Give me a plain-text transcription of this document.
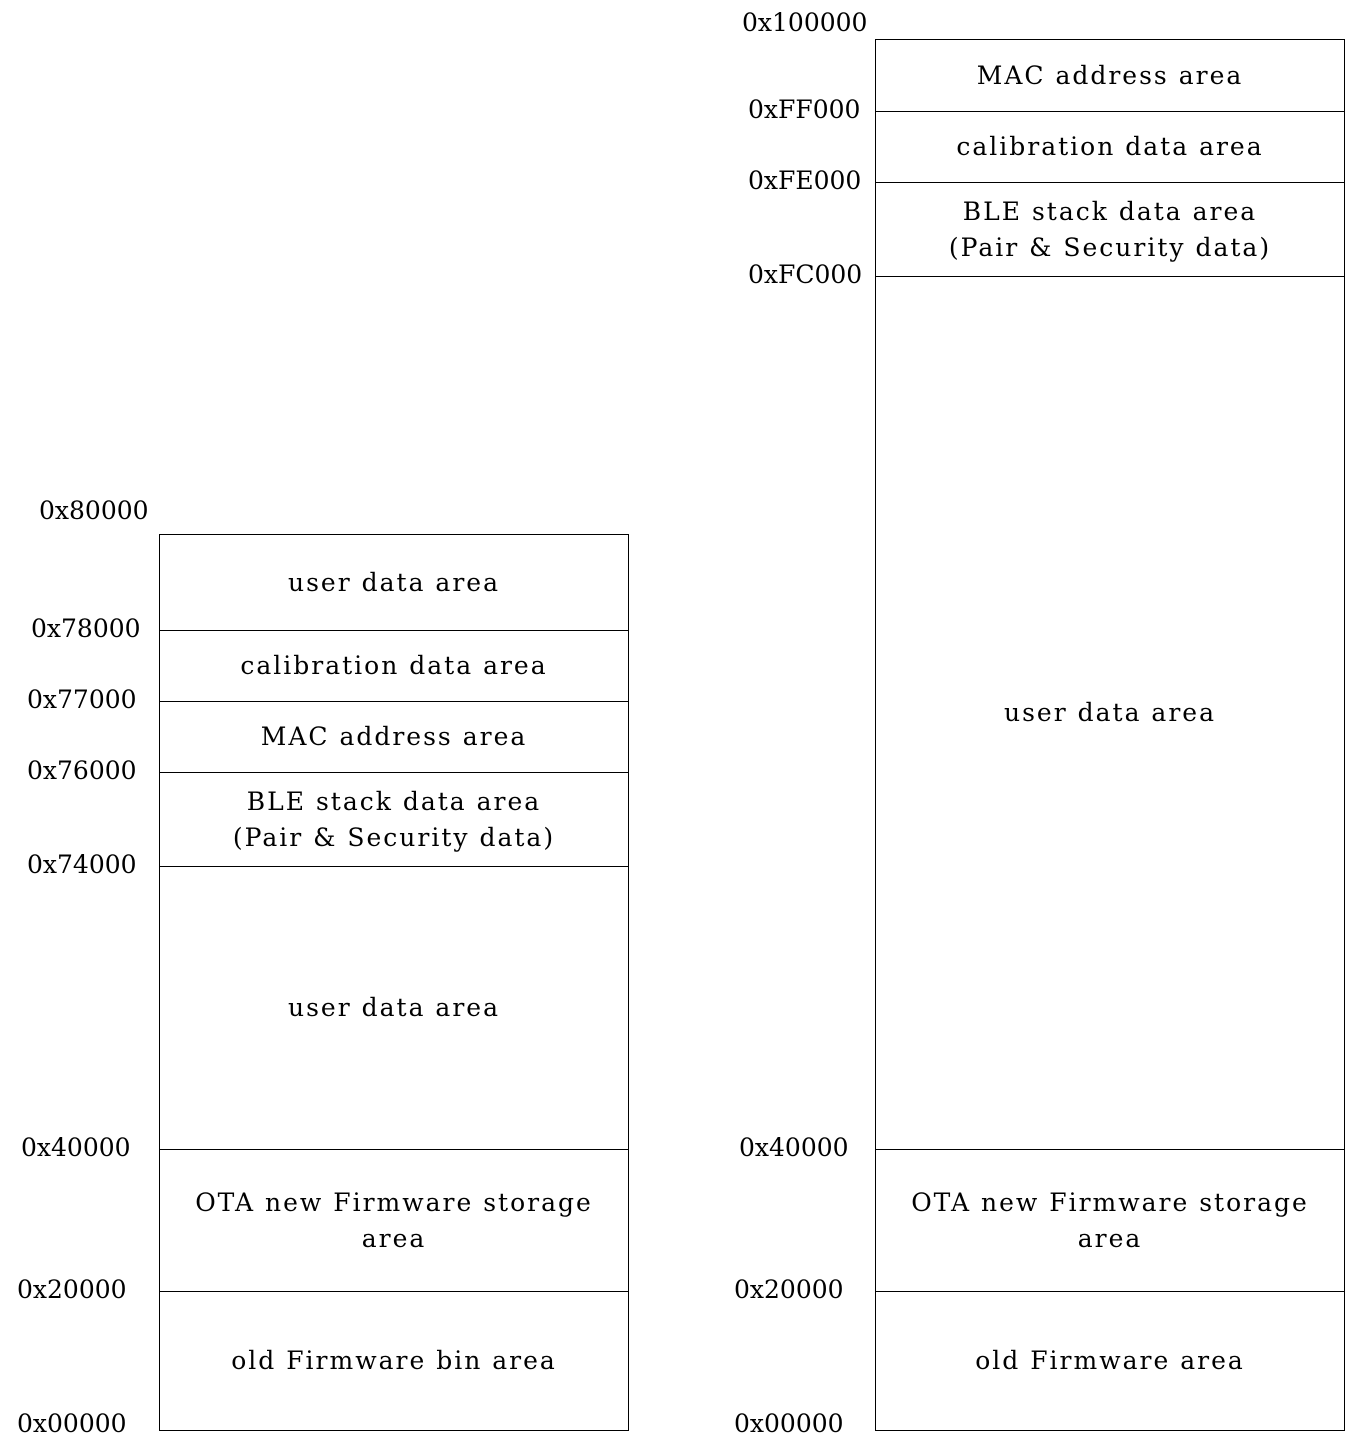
user data area
calibration data area
MAC address area
BLE stack data area
(Pair & Security data)
user data area
OTA new Firmware storage
area
old Firmware bin area
0x80000
0x78000
0x77000
0x76000
0x74000
0x40000
0x20000
0x00000
MAC address area
calibration data area
BLE stack data area
(Pair & Security data)
user data area
OTA new Firmware storage
area
old Firmware area
0x100000
0xFF000
0xFE000
0xFC000
0x40000
0x20000
0x00000
